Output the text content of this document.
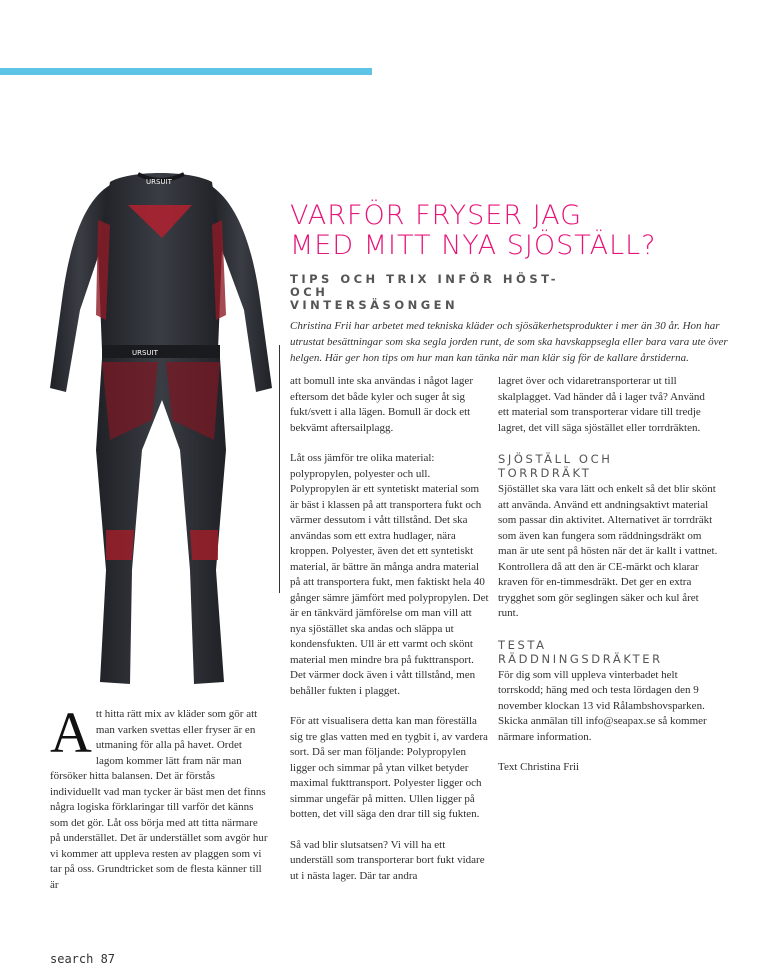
URSUIT
URSUIT
VARFÖR FRYSER JAG
MED MITT NYA SJÖSTÄLL?
TIPS OCH TRIX INFÖR HÖST- OCH
VINTERSÄSONGEN

Christina Frii har arbetet med tekniska kläder och sjösäkerhetsprodukter i mer än 30 år. Hon har utrustat besättningar som ska segla jorden runt, de som ska havskappsegla eller bara vara ute över helgen. Här ger hon tips om hur man kan tänka när man klär sig för de kallare årstiderna.

Att hitta rätt mix av kläder som gör att man varken svettas eller fryser är en utmaning för alla på havet. Ordet lagom kommer lätt fram när man försöker hitta balansen. Det är förstås individuellt vad man tycker är bäst men det finns några logiska förklaringar till varför det känns som det gör. Låt oss börja med att titta närmare på understället. Det är understället som avgör hur vi kommer att uppleva resten av plaggen som vi tar på oss. Grundtricket som de flesta känner till är

att bomull inte ska användas i något lager eftersom det både kyler och suger åt sig fukt/svett i alla lägen. Bomull är dock ett bekvämt aftersailplagg.

Låt oss jämför tre olika material: polypropylen, polyester och ull. Polypropylen är ett syntetiskt material som är bäst i klassen på att transportera fukt och värmer dessutom i vått tillstånd. Det ska användas som ett extra hudlager, nära kroppen. Polyester, även det ett syntetiskt material, är bättre än många andra material på att transportera fukt, men faktiskt hela 40 gånger sämre jämfört med polypropylen. Det är en tänkvärd jämförelse om man vill att nya sjöstället ska andas och släppa ut kondensfukten. Ull är ett varmt och skönt material men mindre bra på fukttransport. Det värmer dock även i vått tillstånd, men behåller fukten i plagget.

För att visualisera detta kan man föreställa sig tre glas vatten med en tygbit i, av vardera sort. Då ser man följande: Polypropylen ligger och simmar på ytan vilket betyder maximal fukttransport. Polyester ligger och simmar ungefär på mitten. Ullen ligger på botten, det vill säga den drar till sig fukten.

Så vad blir slutsatsen? Vi vill ha ett underställ som transporterar bort fukt vidare ut i nästa lager. Där tar andra

lagret över och vidaretransporterar ut till skalplagget. Vad händer då i lager två? Använd ett material som transporterar vidare till tredje lagret, det vill säga sjöstället eller torrdräkten.

SJÖSTÄLL OCH
TORRDRÄKT

Sjöstället ska vara lätt och enkelt så det blir skönt att använda. Använd ett andningsaktivt material som passar din aktivitet. Alternativet är torrdräkt som även kan fungera som räddningsdräkt om man är ute sent på hösten när det är kallt i vattnet. Kontrollera då att den är CE-märkt och klarar kraven för en-timmesdräkt. Det ger en extra trygghet som gör seglingen säker och kul året runt.

TESTA
RÄDDNINGSDRÄKTER

För dig som vill uppleva vinterbadet helt torrskodd; häng med och testa lördagen den 9 november klockan 13 vid Rålambshovsparken. Skicka anmälan till info@seapax.se så kommer närmare information.

Text Christina Frii

search 87
